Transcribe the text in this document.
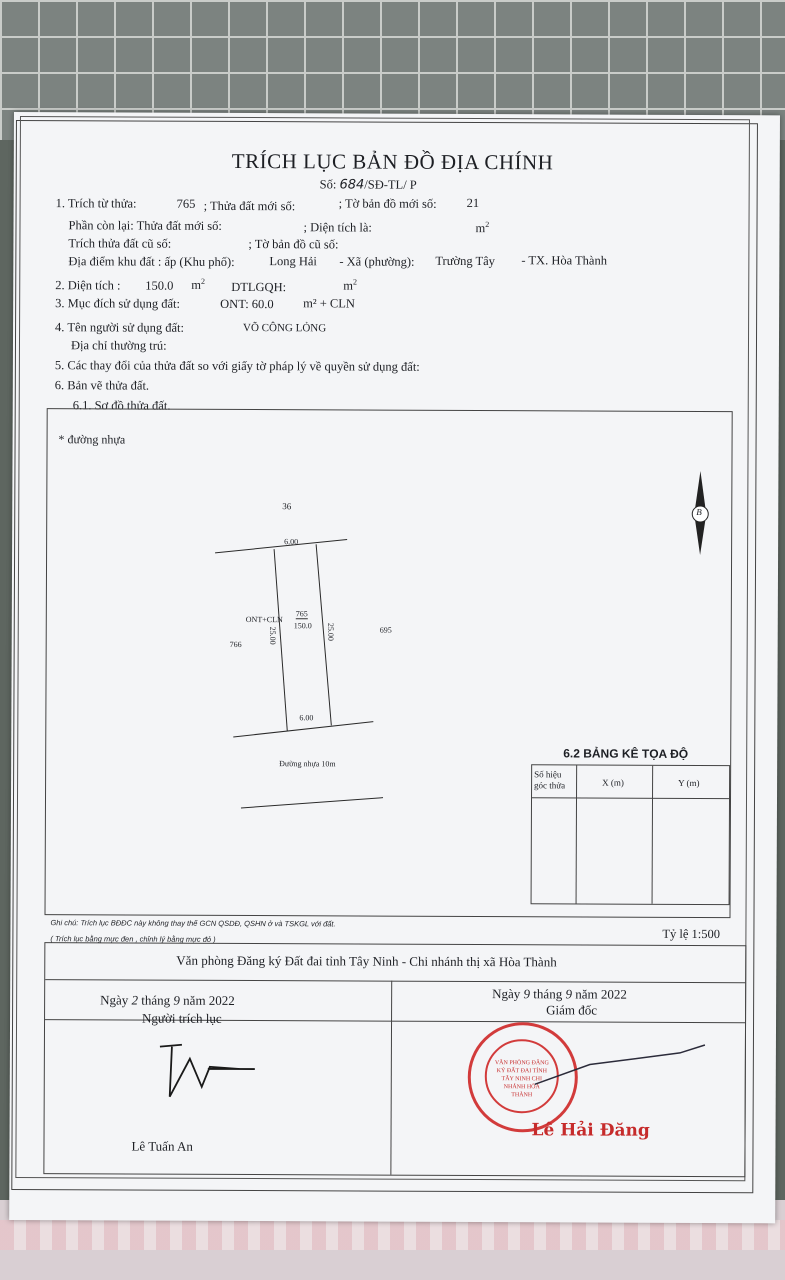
TRÍCH LỤC BẢN ĐỒ ĐỊA CHÍNH
Số: 684/SĐ-TL/ P
1. Trích từ thửa:	765 ; Thửa đất mới số:	; Tờ bản đồ mới số: 21
Phần còn lại: Thửa đất mới số:	; Diện tích là:	$m^2$
Trích thửa đất cũ số:	; Tờ bản đồ cũ số:
Địa điểm khu đất : ấp (Khu phố):	Long Hải - Xã (phường): Trường Tây - TX. Hòa Thành
2. Diện tích : 150.0 $m^2$ DTLGQH:	$m^2$
3. Mục đích sử dụng đất:	ONT: 60.0 m² + CLN
4. Tên người sử dụng đất:	VÕ CÔNG LỎNG
Địa chỉ thường trú:
5. Các thay đổi của thửa đất so với giấy tờ pháp lý về quyền sử dụng đất:
6. Bản vẽ thửa đất.
6.1. Sơ đồ thửa đất.
* đường nhựa
B
36
6.00
766
695
ONT+CLN
765
150.0
25.00	25.00
6.00
Đường nhựa 10m
6.2 BẢNG KÊ TỌA ĐỘ
Số hiệu
góc thửa	X (m)	Y (m)
Ghi chú: Trích lục BĐĐC này không thay thế GCN QSDĐ, QSHN ở và TSKGL với đất.
( Trích lục bằng mực đen , chỉnh lý bằng mực đỏ )	Tỷ lệ 1:500
Văn phòng Đăng ký Đất đai tỉnh Tây Ninh - Chi nhánh thị xã Hòa Thành
Ngày 2 tháng 9 năm 2022
Người trích lục
Lê Tuấn An
Ngày 9 tháng 9 năm 2022
Giám đốc
VĂN PHÒNG ĐĂNG KÝ ĐẤT ĐAI TỈNH TÂY NINH CHI NHÁNH HÒA THÀNH
Lê Hải Đăng
